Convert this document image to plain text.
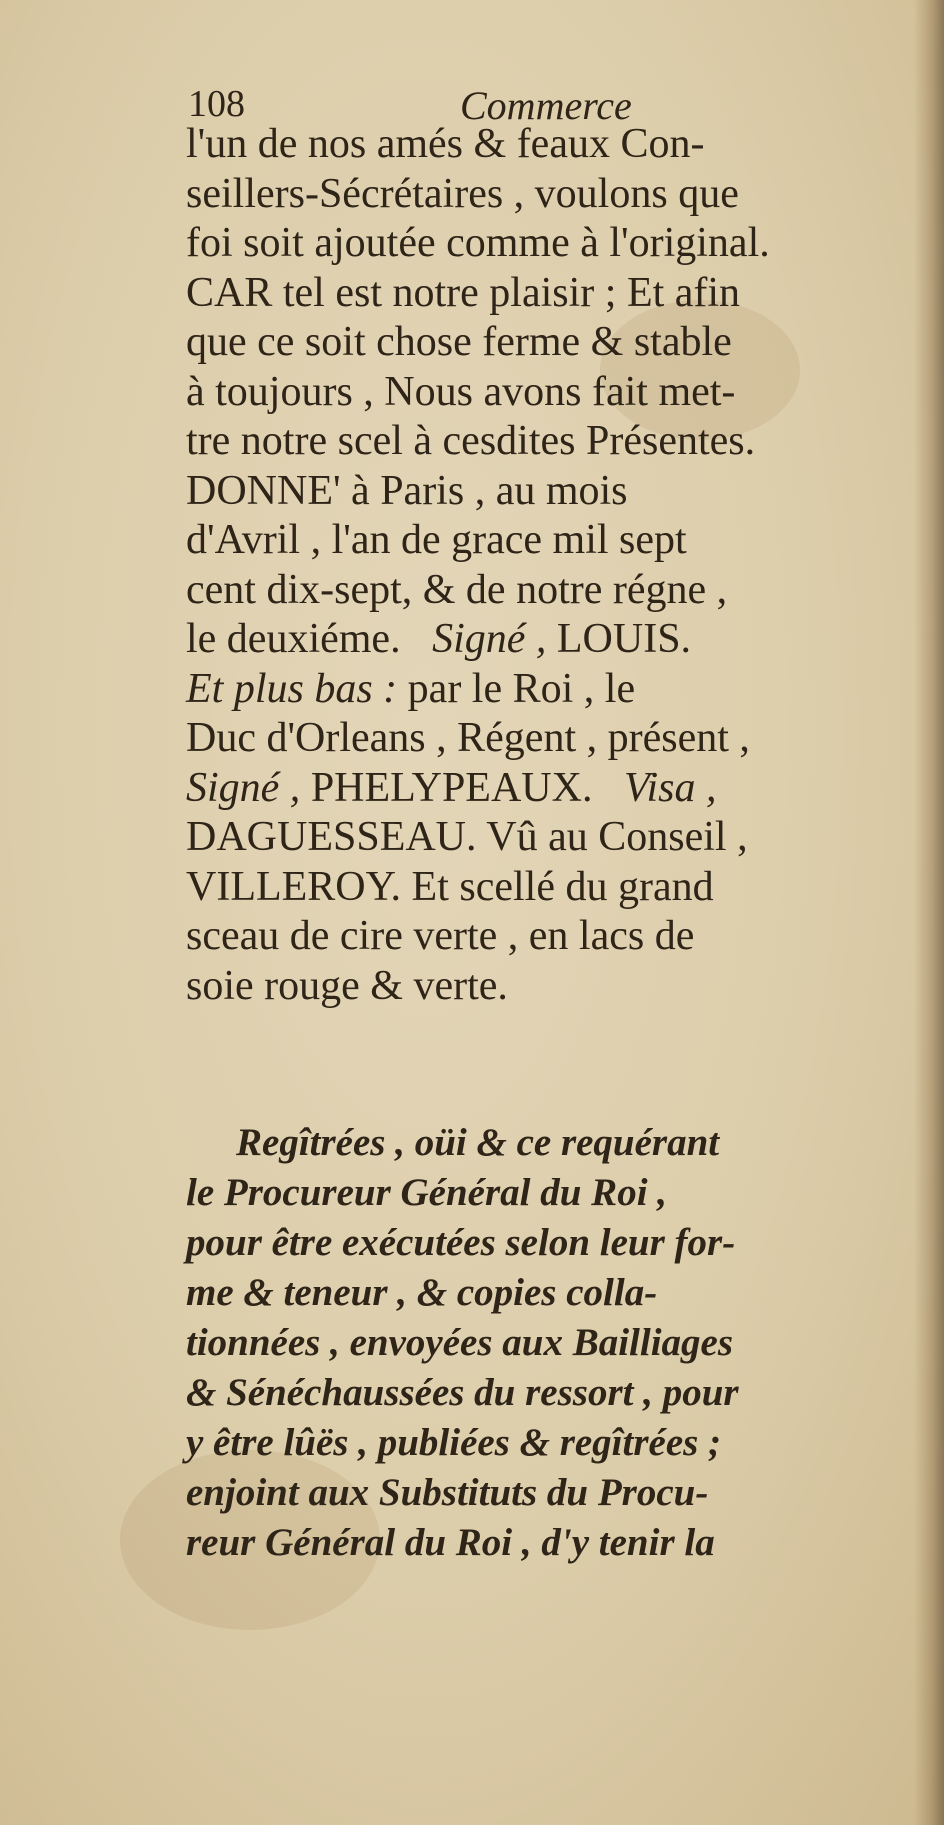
108	Commerce
l'un de nos amés & feaux Con-
seillers-Sécrétaires , voulons que
foi soit ajoutée comme à l'original.
CAR tel est notre plaisir ; Et afin
que ce soit chose ferme & stable
à toujours , Nous avons fait met-
tre notre scel à cesdites Présentes.
DONNE' à Paris , au mois
d'Avril , l'an de grace mil sept
cent dix-sept, & de notre régne ,
le deuxiéme. Signé , LOUIS.
Et plus bas : par le Roi , le
Duc d'Orleans , Régent , présent ,
Signé , PHELYPEAUX. Visa ,
DAGUESSEAU. Vû au Conseil ,
VILLEROY. Et scellé du grand
sceau de cire verte , en lacs de
soie rouge & verte.
Regîtrées , oüi & ce requérant
le Procureur Général du Roi ,
pour être exécutées selon leur for-
me & teneur , & copies colla-
tionnées , envoyées aux Bailliages
& Sénéchaussées du ressort , pour
y être lûës , publiées & regîtrées ;
enjoint aux Substituts du Procu-
reur Général du Roi , d'y tenir la
